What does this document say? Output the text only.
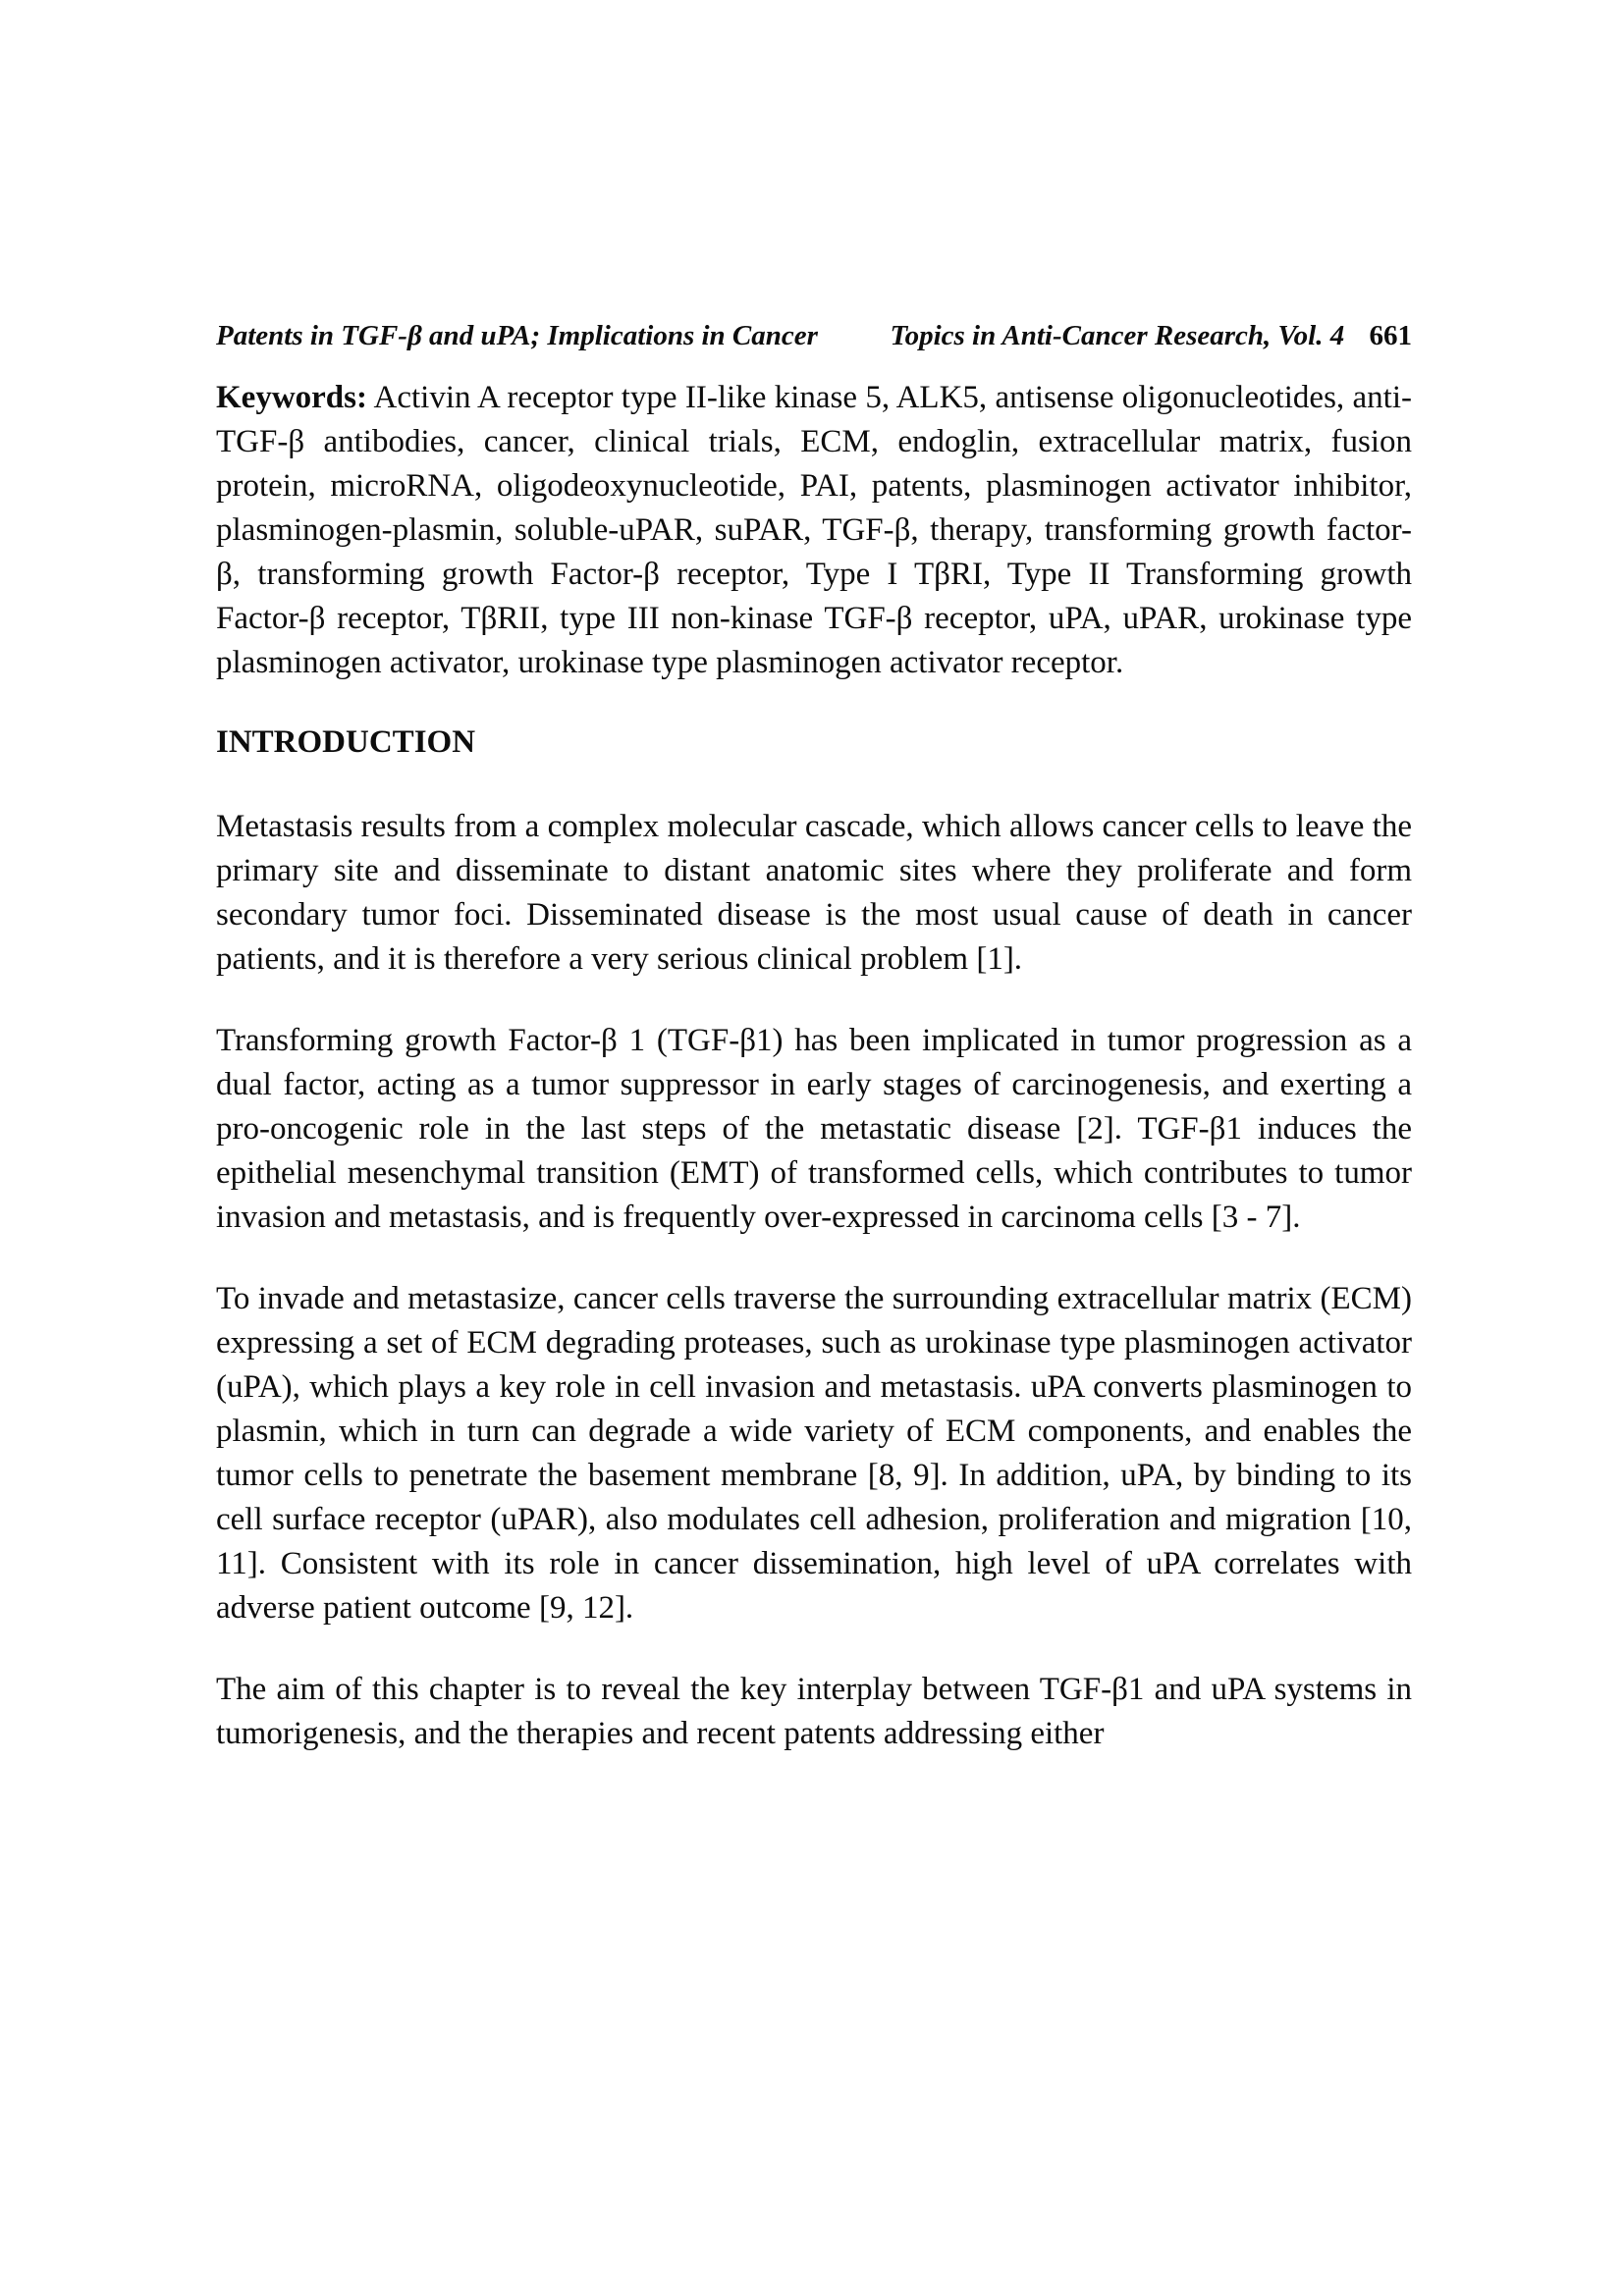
Patents in TGF-β and uPA; Implications in Cancer	Topics in Anti-Cancer Research, Vol. 4 661

Keywords: Activin A receptor type II-like kinase 5, ALK5, antisense oligonucleotides, anti-TGF-β antibodies, cancer, clinical trials, ECM, endoglin, extracellular matrix, fusion protein, microRNA, oligodeoxynucleotide, PAI, patents, plasminogen activator inhibitor, plasminogen-plasmin, soluble-uPAR, suPAR, TGF-β, therapy, transforming growth factor-β, transforming growth Factor-β receptor, Type I TβRI, Type II Transforming growth Factor-β receptor, TβRII, type III non-kinase TGF-β receptor, uPA, uPAR, urokinase type plasminogen activator, urokinase type plasminogen activator receptor.

INTRODUCTION

Metastasis results from a complex molecular cascade, which allows cancer cells to leave the primary site and disseminate to distant anatomic sites where they proliferate and form secondary tumor foci. Disseminated disease is the most usual cause of death in cancer patients, and it is therefore a very serious clinical problem [1].

Transforming growth Factor-β 1 (TGF-β1) has been implicated in tumor progression as a dual factor, acting as a tumor suppressor in early stages of carcinogenesis, and exerting a pro-oncogenic role in the last steps of the metastatic disease [2]. TGF-β1 induces the epithelial mesenchymal transition (EMT) of transformed cells, which contributes to tumor invasion and metastasis, and is frequently over-expressed in carcinoma cells [3 - 7].

To invade and metastasize, cancer cells traverse the surrounding extracellular matrix (ECM) expressing a set of ECM degrading proteases, such as urokinase type plasminogen activator (uPA), which plays a key role in cell invasion and metastasis. uPA converts plasminogen to plasmin, which in turn can degrade a wide variety of ECM components, and enables the tumor cells to penetrate the basement membrane [8, 9]. In addition, uPA, by binding to its cell surface receptor (uPAR), also modulates cell adhesion, proliferation and migration [10, 11]. Consistent with its role in cancer dissemination, high level of uPA correlates with adverse patient outcome [9, 12].

The aim of this chapter is to reveal the key interplay between TGF-β1 and uPA systems in tumorigenesis, and the therapies and recent patents addressing either
